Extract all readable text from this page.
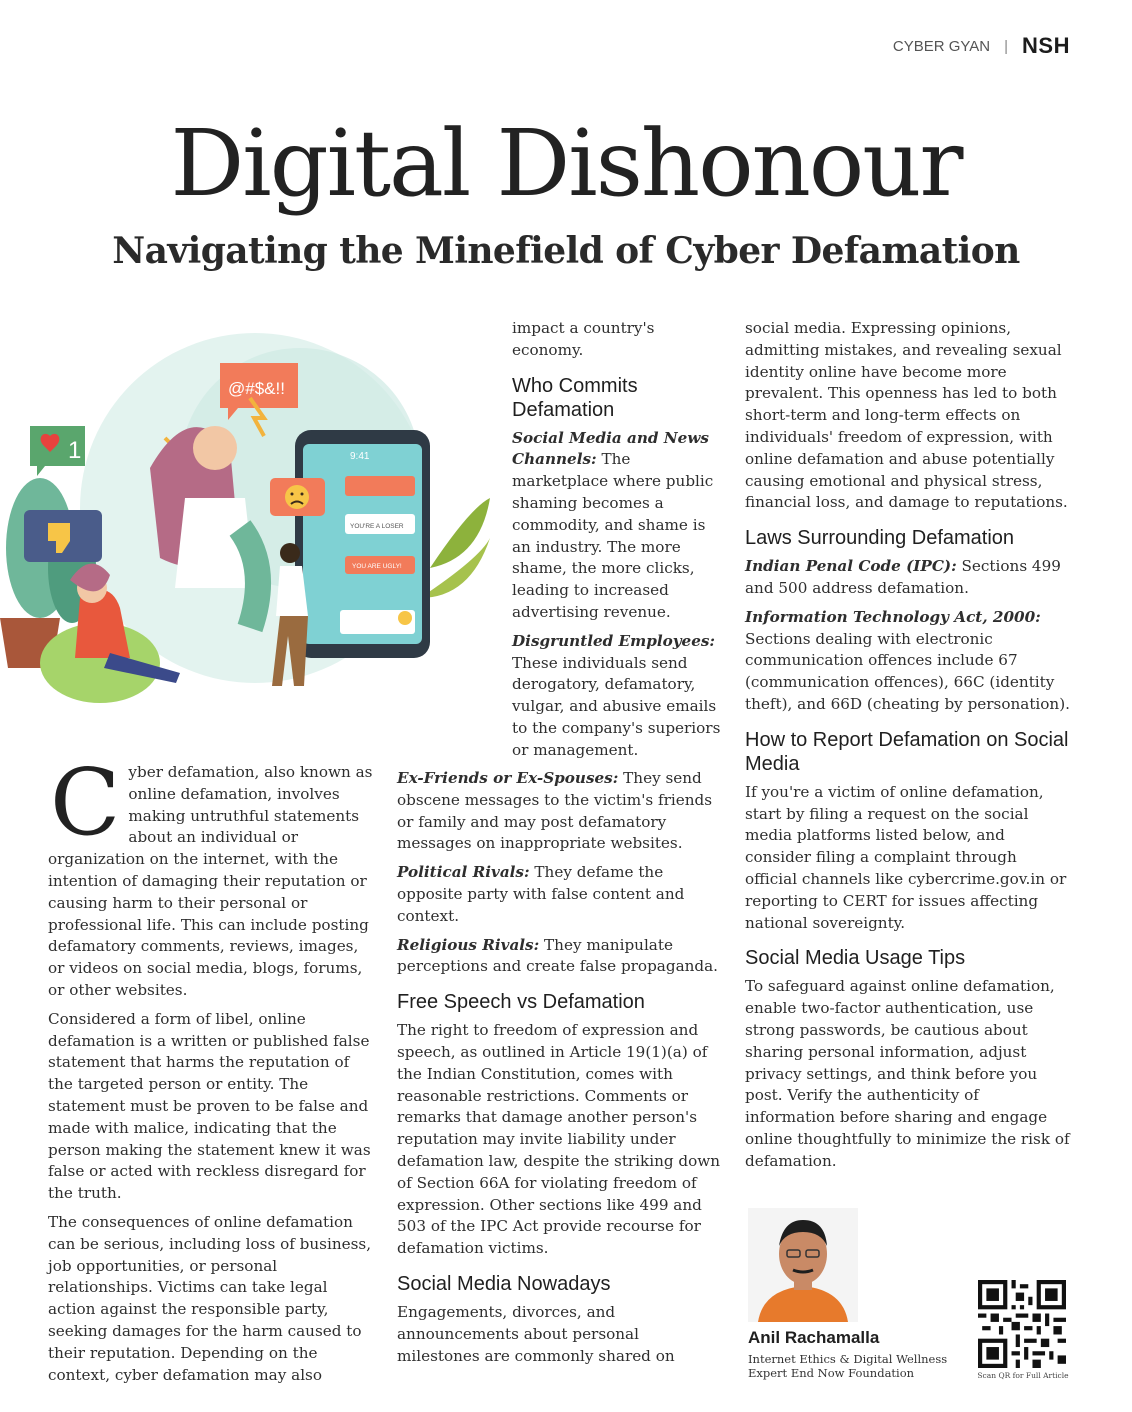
CYBER GYAN | NSH
Digital Dishonour
Navigating the Minefield of Cyber Defamation
9:41
YOU'RE A LOSER
YOU ARE UGLY!
@#$&!!
1

Cyber defamation, also known as online defamation, involves making untruthful statements about an individual or organization on the internet, with the intention of damaging their reputation or causing harm to their personal or professional life. This can include posting defamatory comments, reviews, images, or videos on social media, blogs, forums, or other websites.

Considered a form of libel, online defamation is a written or published false statement that harms the reputation of the targeted person or entity. The statement must be proven to be false and made with malice, indicating that the person making the statement knew it was false or acted with reckless disregard for the truth.

The consequences of online defamation can be serious, including loss of business, job opportunities, or personal relationships. Victims can take legal action against the responsible party, seeking damages for the harm caused to their reputation. Depending on the context, cyber defamation may also

impact a country's economy.

Who Commits Defamation

Social Media and News Channels: The marketplace where public shaming becomes a commodity, and shame is an industry. The more shame, the more clicks, leading to increased advertising revenue.

Disgruntled Employees: These individuals send derogatory, defamatory, vulgar, and abusive emails to the company's superiors or management.

Ex-Friends or Ex-Spouses: They send obscene messages to the victim's friends or family and may post defamatory messages on inappropriate websites.

Political Rivals: They defame the opposite party with false content and context.

Religious Rivals: They manipulate perceptions and create false propaganda.

Free Speech vs Defamation

The right to freedom of expression and speech, as outlined in Article 19(1)(a) of the Indian Constitution, comes with reasonable restrictions. Comments or remarks that damage another person's reputation may invite liability under defamation law, despite the striking down of Section 66A for violating freedom of expression. Other sections like 499 and 503 of the IPC Act provide recourse for defamation victims.

Social Media Nowadays

Engagements, divorces, and announcements about personal milestones are commonly shared on

social media. Expressing opinions, admitting mistakes, and revealing sexual identity online have become more prevalent. This openness has led to both short-term and long-term effects on individuals' freedom of expression, with online defamation and abuse potentially causing emotional and physical stress, financial loss, and damage to reputations.

Laws Surrounding Defamation

Indian Penal Code (IPC): Sections 499 and 500 address defamation.

Information Technology Act, 2000: Sections dealing with electronic communication offences include 67 (communication offences), 66C (identity theft), and 66D (cheating by personation).

How to Report Defamation on Social Media

If you're a victim of online defamation, start by filing a request on the social media platforms listed below, and consider filing a complaint through official channels like cybercrime.gov.in or reporting to CERT for issues affecting national sovereignty.

Social Media Usage Tips

To safeguard against online defamation, enable two-factor authentication, use strong passwords, be cautious about sharing personal information, adjust privacy settings, and think before you post. Verify the authenticity of information before sharing and engage online thoughtfully to minimize the risk of defamation.

Anil Rachamalla
Internet Ethics & Digital Wellness Expert End Now Foundation	Scan QR for Full Article
